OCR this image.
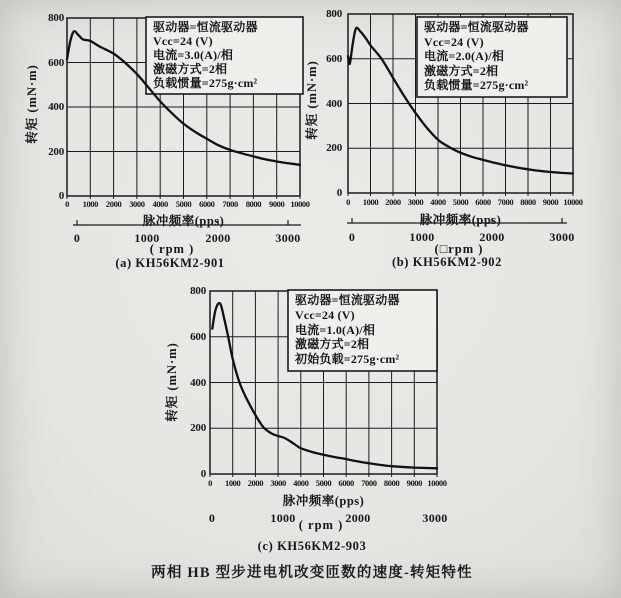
800
600
400
200
0
0 1000 2000 3000 4000 5000 6000 7000 8000 9000 10000
脉冲频率(pps)
转矩 (mN·m)
0	1000	2000	3000
( rpm )
驱动器=恒流驱动器
Vcc=24 (V)
电流=3.0(A)/相
激磁方式=2相
负载惯量=275g·cm²
(a) KH56KM2-901
800
600
400
200
0
0 1000 2000 3000 4000 5000 6000 7000 8000 9000 10000
脉冲频率(pps)
转矩 (mN·m)
0	1000	2000	3000
(□rpm )
驱动器=恒流驱动器
Vcc=24 (V)
电流=2.0(A)/相
激磁方式=2相
负载惯量=275g·cm²
(b) KH56KM2-902
800
600
400
200
0
0 1000 2000 3000 4000 5000 6000 7000 8000 9000 10000
脉冲频率(pps)
转矩 (mN·m)
0	1000	2000	3000
( rpm )
驱动器=恒流驱动器
Vcc=24 (V)
电流=1.0(A)/相
激磁方式=2相
初始负载=275g·cm²
(c) KH56KM2-903
两相 HB 型步进电机改变匝数的速度-转矩特性
